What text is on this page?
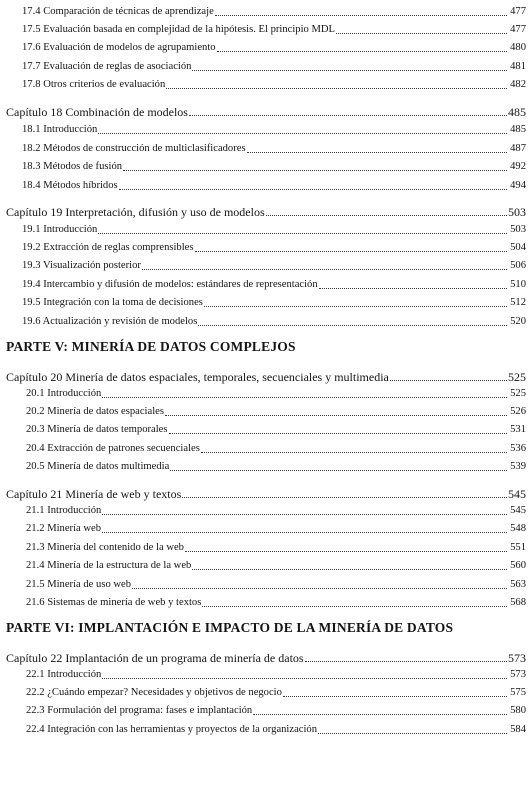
17.4 Comparación de técnicas de aprendizaje	477
17.5 Evaluación basada en complejidad de la hipótesis. El principio MDL	477
17.6 Evaluación de modelos de agrupamiento	480
17.7 Evaluación de reglas de asociación	481
17.8 Otros criterios de evaluación	482
Capítulo 18 Combinación de modelos	485
18.1 Introducción	485
18.2 Métodos de construcción de multiclasificadores	487
18.3 Métodos de fusión	492
18.4 Métodos híbridos	494
Capítulo 19 Interpretación, difusión y uso de modelos	503
19.1 Introducción	503
19.2 Extracción de reglas comprensibles	504
19.3 Visualización posterior	506
19.4 Intercambio y difusión de modelos: estándares de representación	510
19.5 Integración con la toma de decisiones	512
19.6 Actualización y revisión de modelos	520
PARTE V: MINERÍA DE DATOS COMPLEJOS
Capítulo 20 Minería de datos espaciales, temporales, secuenciales y multimedia	525
20.1 Introducción	525
20.2 Minería de datos espaciales	526
20.3 Minería de datos temporales	531
20.4 Extracción de patrones secuenciales	536
20.5 Minería de datos multimedia	539
Capítulo 21 Minería de web y textos	545
21.1 Introducción	545
21.2 Minería web	548
21.3 Minería del contenido de la web	551
21.4 Minería de la estructura de la web	560
21.5 Minería de uso web	563
21.6 Sistemas de minería de web y textos	568
PARTE VI: IMPLANTACIÓN E IMPACTO DE LA MINERÍA DE DATOS
Capítulo 22 Implantación de un programa de minería de datos	573
22.1 Introducción	573
22.2 ¿Cuándo empezar? Necesidades y objetivos de negocio	575
22.3 Formulación del programa: fases e implantación	580
22.4 Integración con las herramientas y proyectos de la organización	584
